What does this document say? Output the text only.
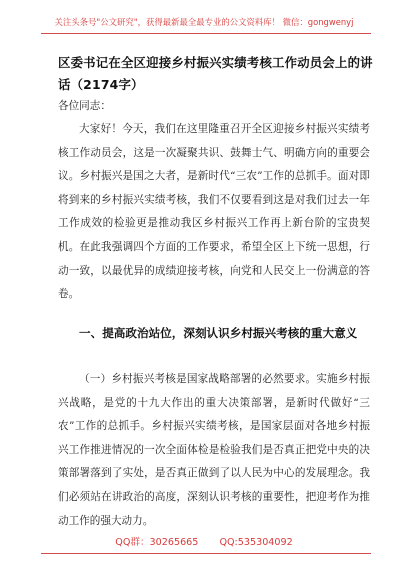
关注头条号"公文研究"，获得最新最全最专业的公文资料库！ 微信：gongwenyj
区委书记在全区迎接乡村振兴实绩考核工作动员会上的讲话（2174字）
各位同志：

大家好！今天，我们在这里隆重召开全区迎接乡村振兴实绩考核工作动员会，这是一次凝聚共识、鼓舞士气、明确方向的重要会议。乡村振兴是国之大者，是新时代“三农”工作的总抓手。面对即将到来的乡村振兴实绩考核，我们不仅要看到这是对我们过去一年工作成效的检验更是推动我区乡村振兴工作再上新台阶的宝贵契机。在此我强调四个方面的工作要求，希望全区上下统一思想，行动一致，以最优异的成绩迎接考核，向党和人民交上一份满意的答卷。

一、提高政治站位，深刻认识乡村振兴考核的重大意义

（一）乡村振兴考核是国家战略部署的必然要求。实施乡村振兴战略，是党的十九大作出的重大决策部署，是新时代做好“三农”工作的总抓手。乡村振兴实绩考核，是国家层面对各地乡村振兴工作推进情况的一次全面体检是检验我们是否真正把党中央的决策部署落到了实处，是否真正做到了以人民为中心的发展理念。我们必须站在讲政治的高度，深刻认识考核的重要性，把迎考作为推动工作的强大动力。

QQ群：30265665 QQ:535304092
